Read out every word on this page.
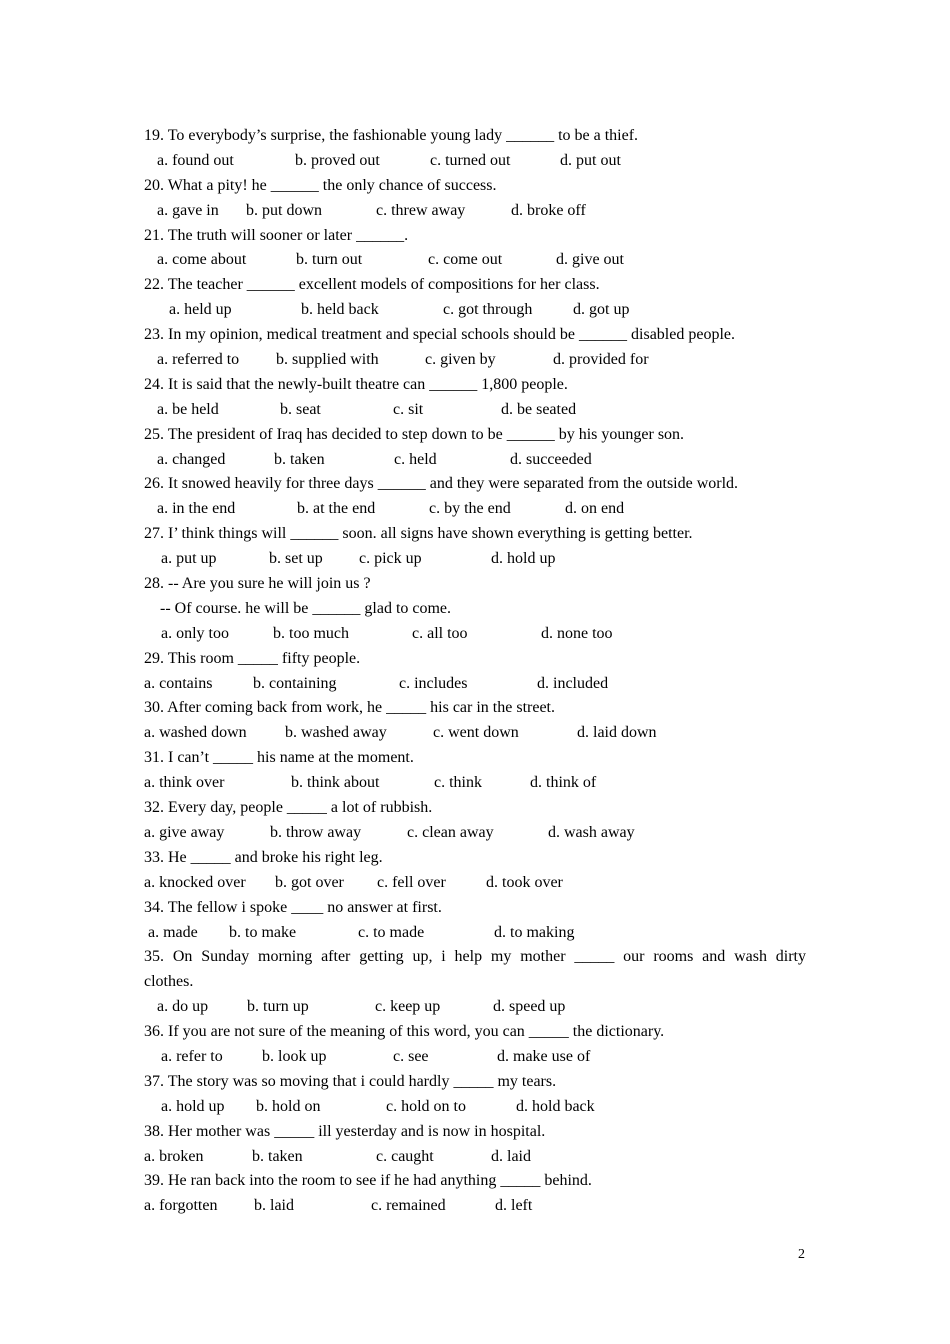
19. To everybody’s surprise, the fashionable young lady ______ to be a thief.
a. found out	b. proved out	c. turned out	d. put out
20. What a pity! he ______ the only chance of success.
a. gave in b. put down	c. threw away	d. broke off
21. The truth will sooner or later ______.
a. come about	b. turn out	c. come out	d. give out
22. The teacher ______ excellent models of compositions for her class.
a. held up	b. held back	c. got through	d. got up
23. In my opinion, medical treatment and special schools should be ______ disabled people.
a. referred to b. supplied with	c. given by	d. provided for
24. It is said that the newly-built theatre can ______ 1,800 people.
a. be held	b. seat	c. sit	d. be seated
25. The president of Iraq has decided to step down to be ______ by his younger son.
a. changed	b. taken	c. held	d. succeeded
26. It snowed heavily for three days ______ and they were separated from the outside world.
a. in the end	b. at the end	c. by the end	d. on end
27. I’ think things will ______ soon. all signs have shown everything is getting better.
a. put up	b. set up c. pick up	d. hold up
28. -- Are you sure he will join us ?
-- Of course. he will be ______ glad to come.
a. only too	b. too much	c. all too	d. none too
29. This room _____ fifty people.
a. contains	b. containing	c. includes	d. included
30. After coming back from work, he _____ his car in the street.
a. washed down b. washed away	c. went down	d. laid down
31. I can’t _____ his name at the moment.
a. think over	b. think about	c. think	d. think of
32. Every day, people _____ a lot of rubbish.
a. give away	b. throw away	c. clean away	d. wash away
33. He _____ and broke his right leg.
a. knocked over b. got over c. fell over	d. took over
34. The fellow i spoke ____ no answer at first.
a. made b. to make	c. to made	d. to making
35. On Sunday morning after getting up, i help my mother _____ our rooms and wash dirty
clothes.
a. do up b. turn up	c. keep up	d. speed up
36. If you are not sure of the meaning of this word, you can _____ the dictionary.
a. refer to b. look up	c. see	d. make use of
37. The story was so moving that i could hardly _____ my tears.
a. hold up b. hold on	c. hold on to	d. hold back
38. Her mother was _____ ill yesterday and is now in hospital.
a. broken	b. taken	c. caught	d. laid
39. He ran back into the room to see if he had anything _____ behind.
a. forgotten b. laid	c. remained	d. left
2
